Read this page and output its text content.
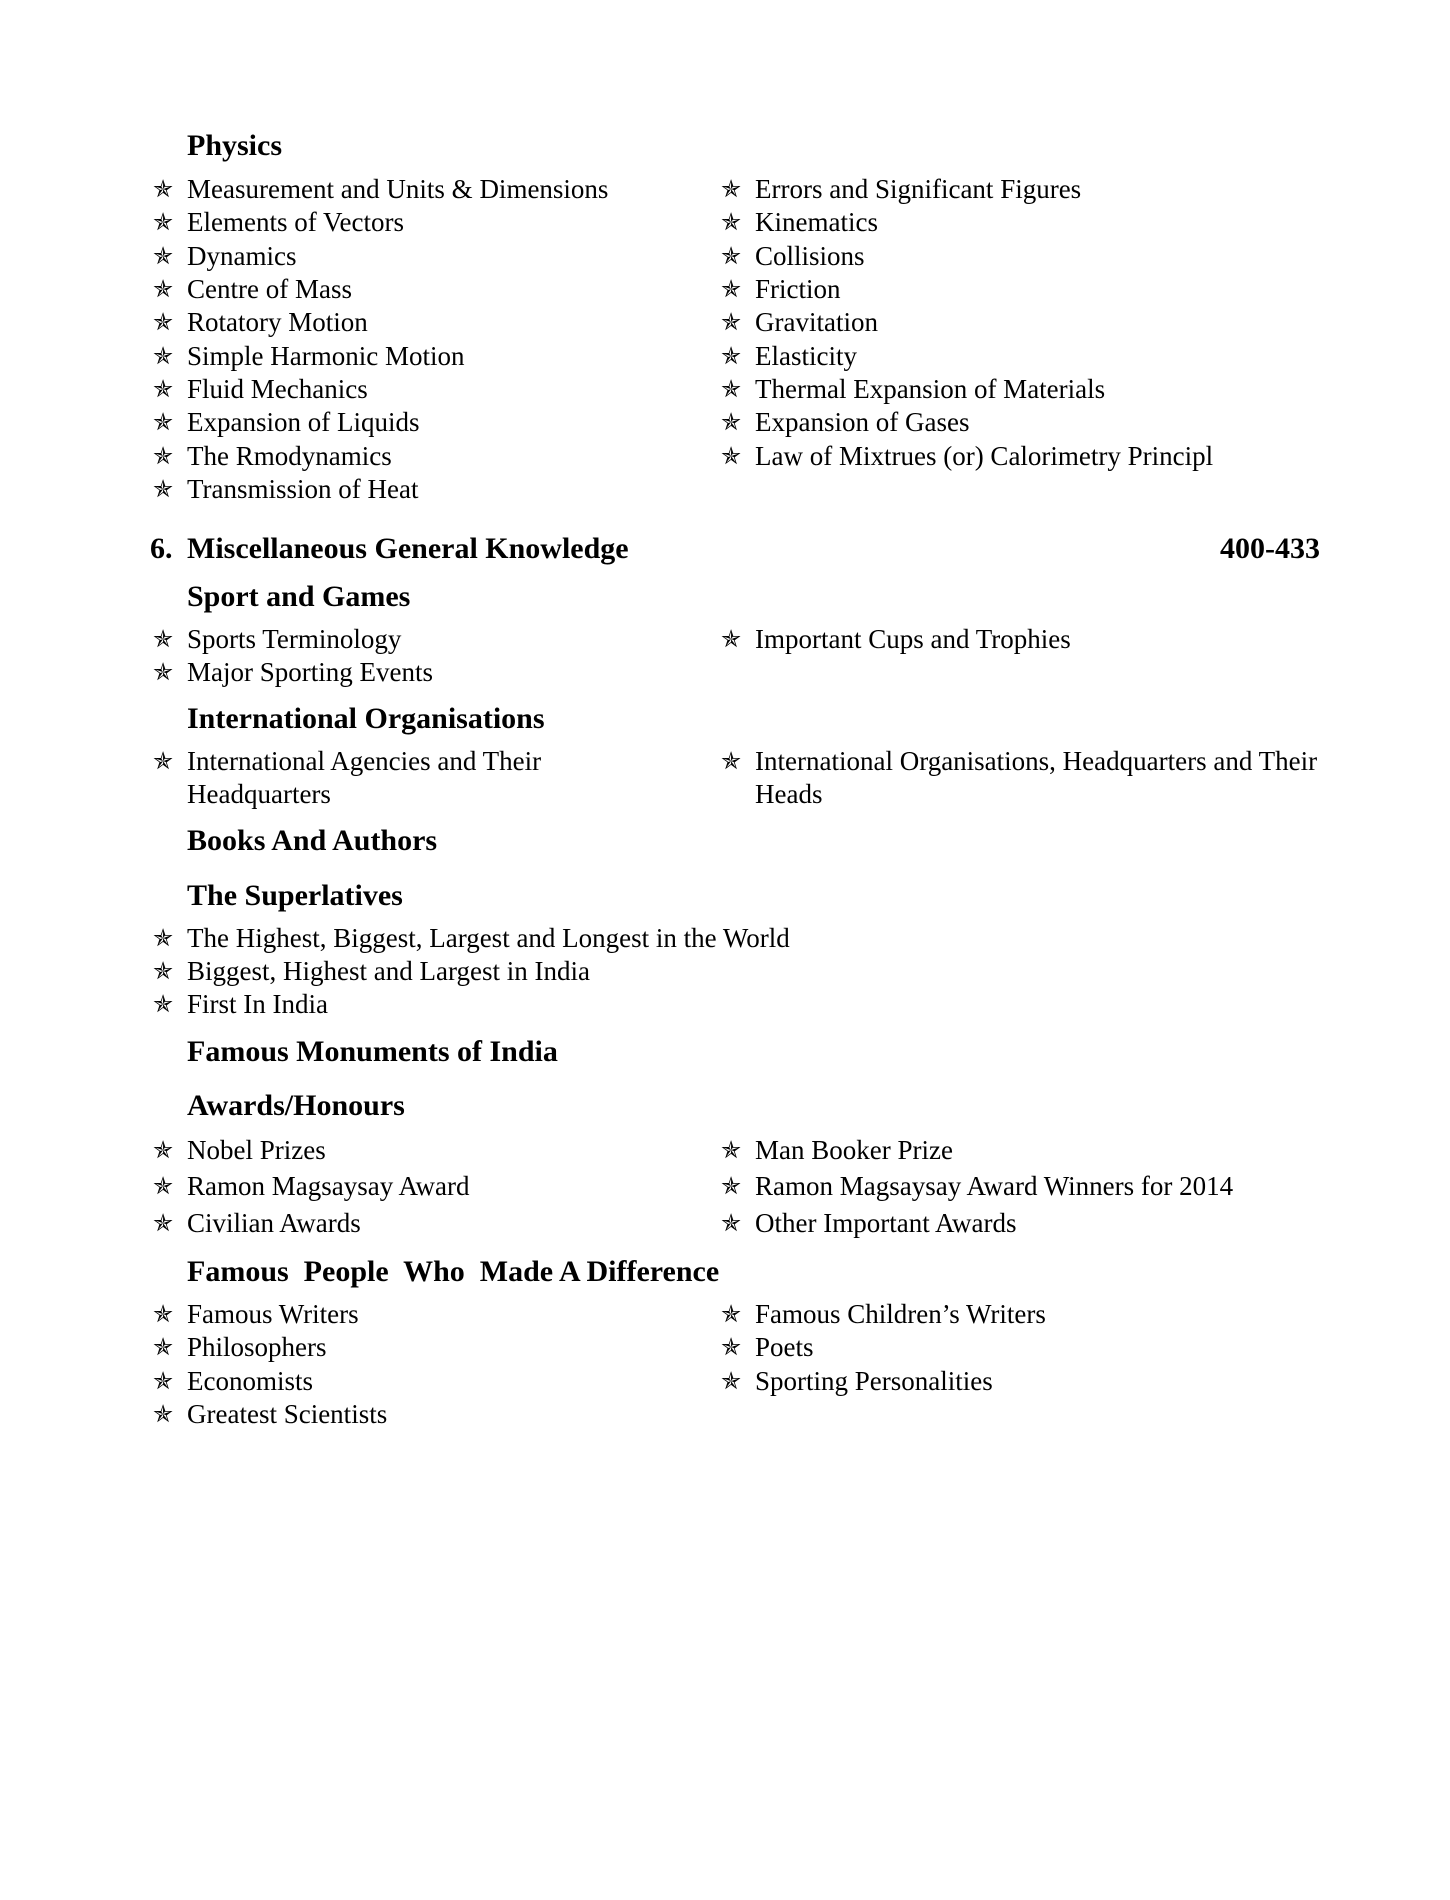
Physics
✯ Measurement and Units & Dimensions
✯ Elements of Vectors
✯ Dynamics
✯ Centre of Mass
✯ Rotatory Motion
✯ Simple Harmonic Motion
✯ Fluid Mechanics
✯ Expansion of Liquids
✯ The Rmodynamics
✯ Transmission of Heat
✯ Errors and Significant Figures
✯ Kinematics
✯ Collisions
✯ Friction
✯ Gravitation
✯ Elasticity
✯ Thermal Expansion of Materials
✯ Expansion of Gases
✯ Law of Mixtrues (or) Calorimetry Principl
6. Miscellaneous General Knowledge	400-433
Sport and Games
✯ Sports Terminology
✯ Major Sporting Events
✯ Important Cups and Trophies
International Organisations
✯ International Agencies and Their Headquarters
✯ International Organisations, Headquarters and Their Heads
Books And Authors
The Superlatives
✯ The Highest, Biggest, Largest and Longest in the World
✯ Biggest, Highest and Largest in India
✯ First In India
Famous Monuments of India
Awards/Honours
✯ Nobel Prizes
✯ Ramon Magsaysay Award
✯ Civilian Awards
✯ Man Booker Prize
✯ Ramon Magsaysay Award Winners for 2014
✯ Other Important Awards
Famous  People  Who  Made A Difference
✯ Famous Writers
✯ Philosophers
✯ Economists
✯ Greatest Scientists
✯ Famous Children’s Writers
✯ Poets
✯ Sporting Personalities
